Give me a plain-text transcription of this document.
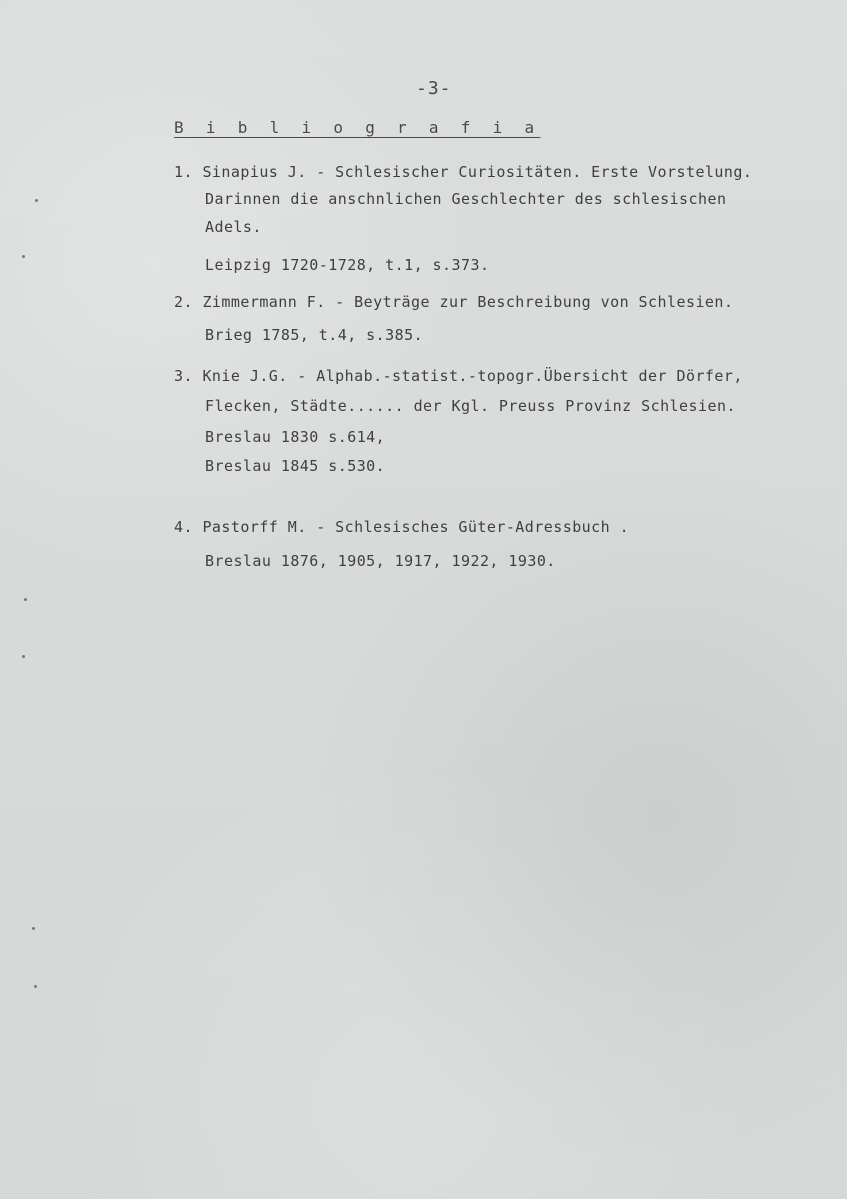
-3-
B i b l i o g r a f i a
1. Sinapius J. - Schlesischer Curiositäten. Erste Vorstelung.
Darinnen die anschnlichen Geschlechter des schlesischen
Adels.
Leipzig 1720-1728, t.1, s.373.
2. Zimmermann F. - Beyträge zur Beschreibung von Schlesien.
Brieg 1785, t.4, s.385.
3. Knie J.G. - Alphab.-statist.-topogr.Übersicht der Dörfer,
Flecken, Städte...... der Kgl. Preuss Provinz Schlesien.
Breslau 1830 s.614,
Breslau 1845 s.530.
4. Pastorff M. - Schlesisches Güter-Adressbuch .
Breslau 1876, 1905, 1917, 1922, 1930.
